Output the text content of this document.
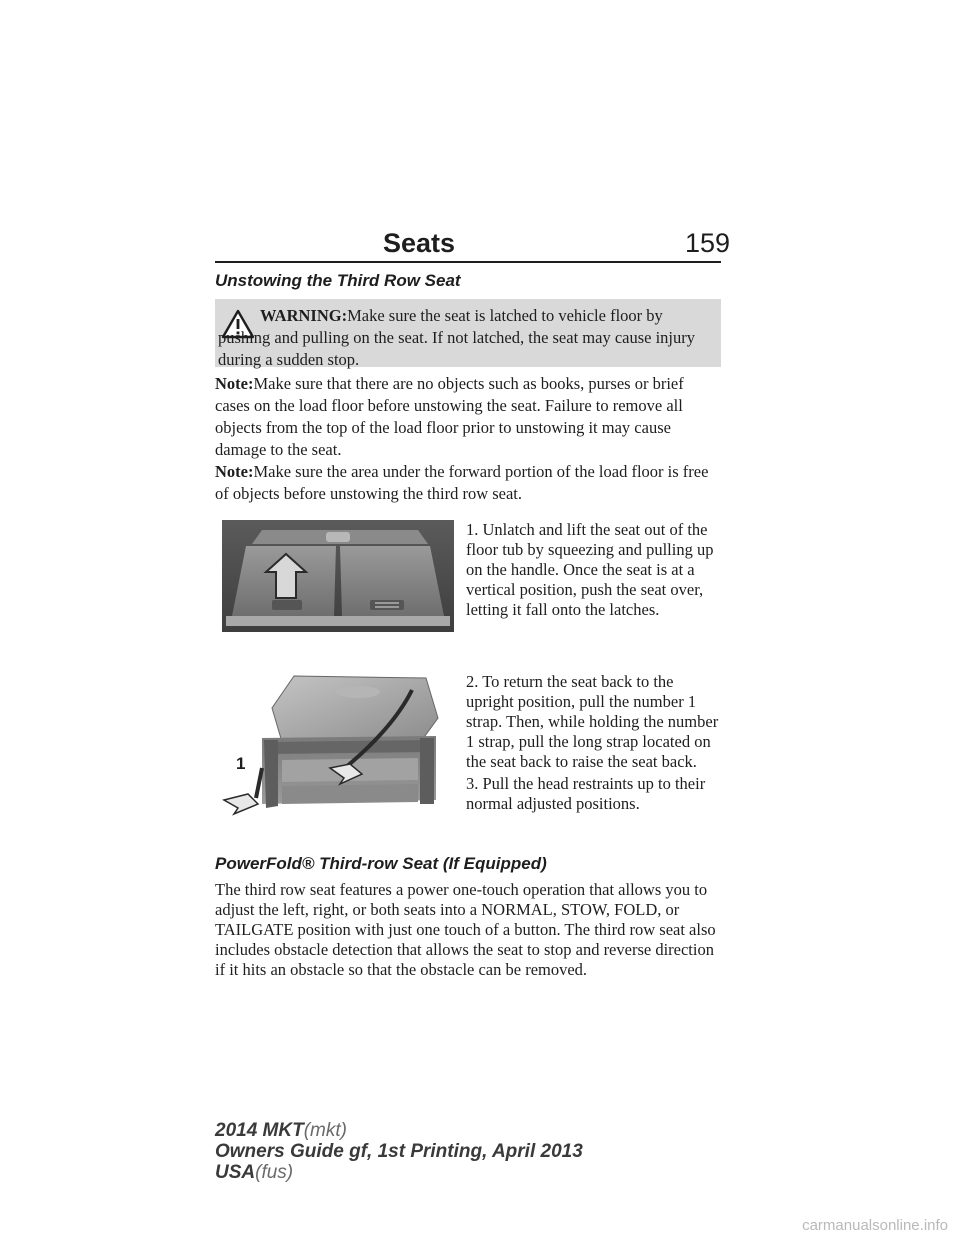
Seats	159
Unstowing the Third Row Seat
WARNING:Make sure the seat is latched to vehicle floor by pushing and pulling on the seat. If not latched, the seat may cause injury during a sudden stop.
Note:Make sure that there are no objects such as books, purses or brief cases on the load floor before unstowing the seat. Failure to remove all objects from the top of the load floor prior to unstowing it may cause damage to the seat.
Note:Make sure the area under the forward portion of the load floor is free of objects before unstowing the third row seat.
1. Unlatch and lift the seat out of the floor tub by squeezing and pulling up on the handle. Once the seat is at a vertical position, push the seat over, letting it fall onto the latches.
1
2. To return the seat back to the upright position, pull the number 1 strap. Then, while holding the number 1 strap, pull the long strap located on the seat back to raise the seat back.
3. Pull the head restraints up to their normal adjusted positions.
PowerFold® Third-row Seat (If Equipped)
The third row seat features a power one-touch operation that allows you to adjust the left, right, or both seats into a NORMAL, STOW, FOLD, or TAILGATE position with just one touch of a button. The third row seat also includes obstacle detection that allows the seat to stop and reverse direction if it hits an obstacle so that the obstacle can be removed.
2014 MKT(mkt)
Owners Guide gf, 1st Printing, April 2013
USA(fus)
carmanualsonline.info
